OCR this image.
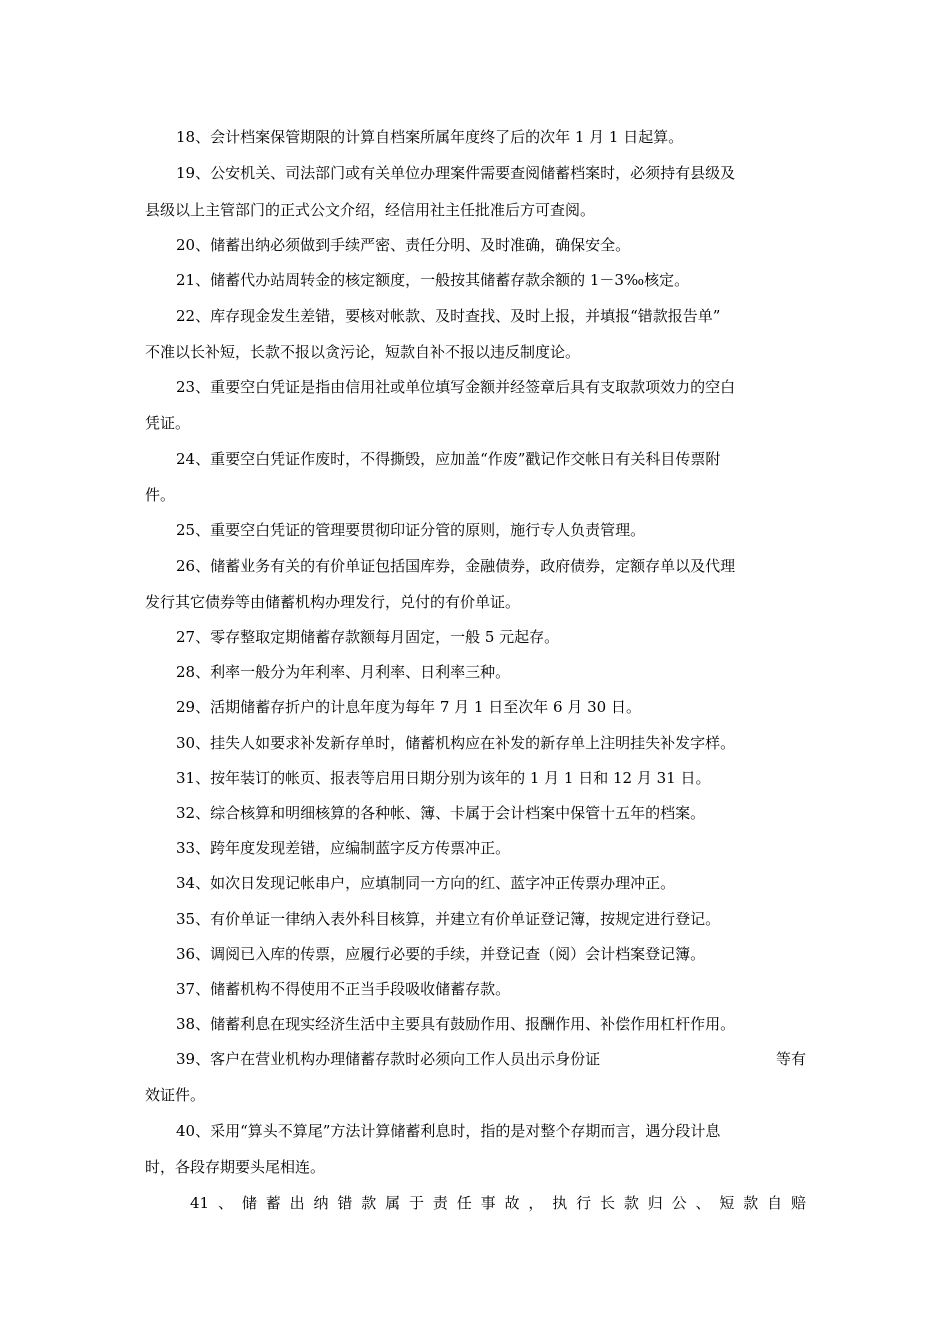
18、会计档案保管期限的计算自档案所属年度终了后的次年 1 月 1 日起算。
19、公安机关、司法部门或有关单位办理案件需要查阅储蓄档案时，必须持有县级及
县级以上主管部门的正式公文介绍，经信用社主任批准后方可查阅。
20、储蓄出纳必须做到手续严密、责任分明、及时准确，确保安全。
21、储蓄代办站周转金的核定额度，一般按其储蓄存款余额的 1－3‰核定。
22、库存现金发生差错，要核对帐款、及时查找、及时上报，并填报“错款报告单”
不准以长补短，长款不报以贪污论，短款自补不报以违反制度论。
23、重要空白凭证是指由信用社或单位填写金额并经签章后具有支取款项效力的空白
凭证。
24、重要空白凭证作废时，不得撕毁，应加盖“作废”戳记作交帐日有关科目传票附
件。
25、重要空白凭证的管理要贯彻印证分管的原则，施行专人负责管理。
26、储蓄业务有关的有价单证包括国库券，金融债券，政府债券，定额存单以及代理
发行其它债券等由储蓄机构办理发行，兑付的有价单证。
27、零存整取定期储蓄存款额每月固定，一般 5 元起存。
28、利率一般分为年利率、月利率、日利率三种。
29、活期储蓄存折户的计息年度为每年 7 月 1 日至次年 6 月 30 日。
30、挂失人如要求补发新存单时，储蓄机构应在补发的新存单上注明挂失补发字样。
31、按年装订的帐页、报表等启用日期分别为该年的 1 月 1 日和 12 月 31 日。
32、综合核算和明细核算的各种帐、簿、卡属于会计档案中保管十五年的档案。
33、跨年度发现差错，应编制蓝字反方传票冲正。
34、如次日发现记帐串户，应填制同一方向的红、蓝字冲正传票办理冲正。
35、有价单证一律纳入表外科目核算，并建立有价单证登记簿，按规定进行登记。
36、调阅已入库的传票，应履行必要的手续，并登记查（阅）会计档案登记簿。
37、储蓄机构不得使用不正当手段吸收储蓄存款。
38、储蓄利息在现实经济生活中主要具有鼓励作用、报酬作用、补偿作用杠杆作用。
39、客户在营业机构办理储蓄存款时必须向工作人员出示身份证	等有
效证件。
40、采用“算头不算尾”方法计算储蓄利息时，指的是对整个存期而言，遇分段计息
时，各段存期要头尾相连。
41 、 储 蓄 出 纳 错 款 属 于 责 任 事 故 ， 执 行 长 款 归 公 、 短 款 自 赔
